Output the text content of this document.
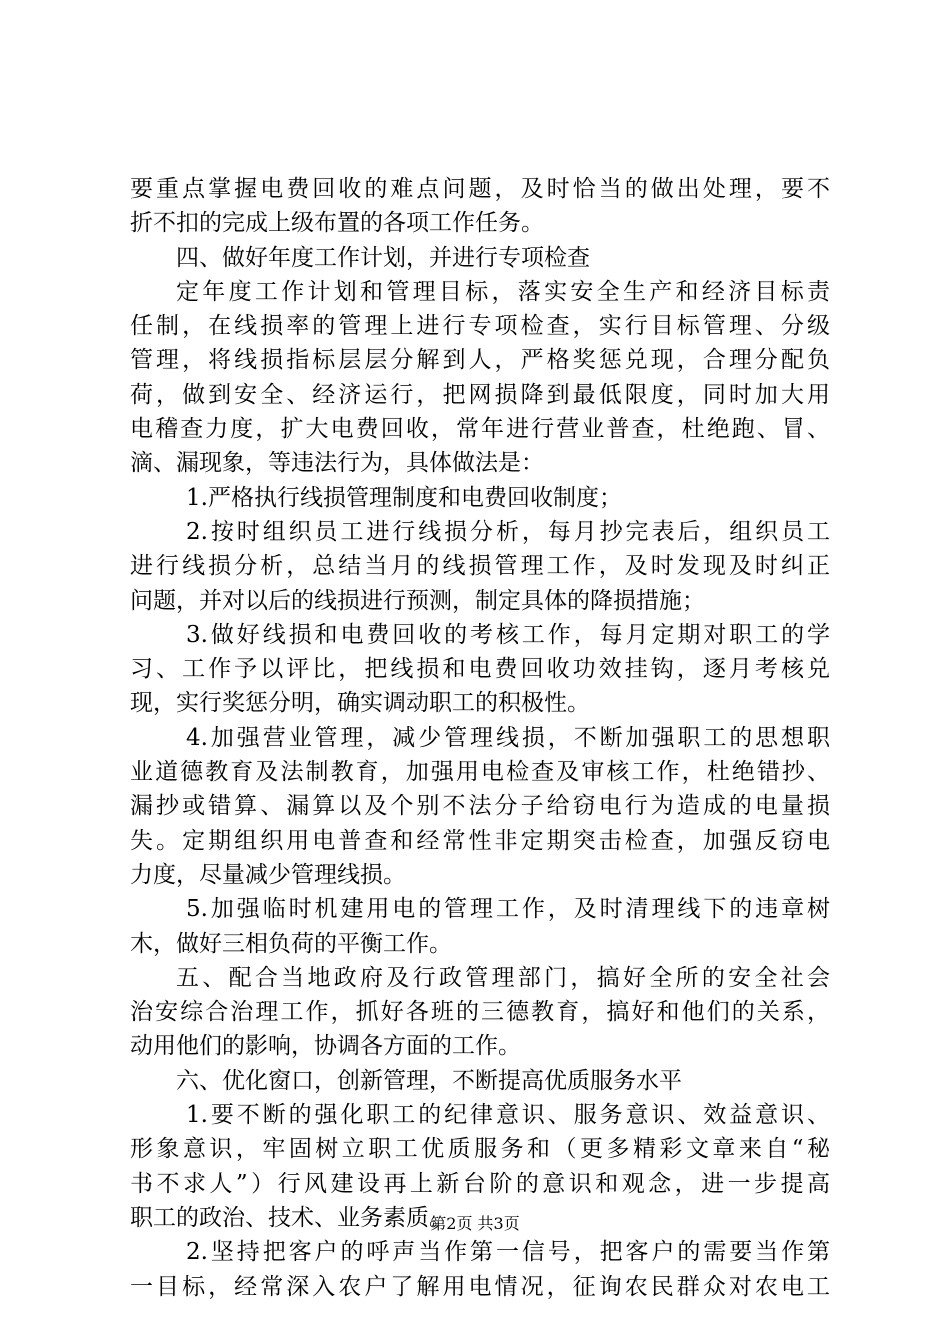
要重点掌握电费回收的难点问题，及时恰当的做出处理，要不
折不扣的完成上级布置的各项工作任务。
四、做好年度工作计划，并进行专项检查
定年度工作计划和管理目标，落实安全生产和经济目标责
任制，在线损率的管理上进行专项检查，实行目标管理、分级
管理，将线损指标层层分解到人，严格奖惩兑现，合理分配负
荷，做到安全、经济运行，把网损降到最低限度，同时加大用
电稽查力度，扩大电费回收，常年进行营业普查，杜绝跑、冒、
滴、漏现象，等违法行为，具体做法是：
1.严格执行线损管理制度和电费回收制度；
2.按时组织员工进行线损分析，每月抄完表后，组织员工
进行线损分析，总结当月的线损管理工作，及时发现及时纠正
问题，并对以后的线损进行预测，制定具体的降损措施；
3.做好线损和电费回收的考核工作，每月定期对职工的学
习、工作予以评比，把线损和电费回收功效挂钩，逐月考核兑
现，实行奖惩分明，确实调动职工的积极性。
4.加强营业管理，减少管理线损，不断加强职工的思想职
业道德教育及法制教育，加强用电检查及审核工作，杜绝错抄、
漏抄或错算、漏算以及个别不法分子给窃电行为造成的电量损
失。定期组织用电普查和经常性非定期突击检查，加强反窃电
力度，尽量减少管理线损。
5.加强临时机建用电的管理工作，及时清理线下的违章树
木，做好三相负荷的平衡工作。
五、配合当地政府及行政管理部门，搞好全所的安全社会
治安综合治理工作，抓好各班的三德教育，搞好和他们的关系，
动用他们的影响，协调各方面的工作。
六、优化窗口，创新管理，不断提高优质服务水平
1.要不断的强化职工的纪律意识、服务意识、效益意识、
形象意识，牢固树立职工优质服务和（更多精彩文章来自“秘
书不求人”）行风建设再上新台阶的意识和观念，进一步提高
职工的政治、技术、业务素质。
2.坚持把客户的呼声当作第一信号，把客户的需要当作第
一目标，经常深入农户了解用电情况，征询农民群众对农电工
第2页 共3页
